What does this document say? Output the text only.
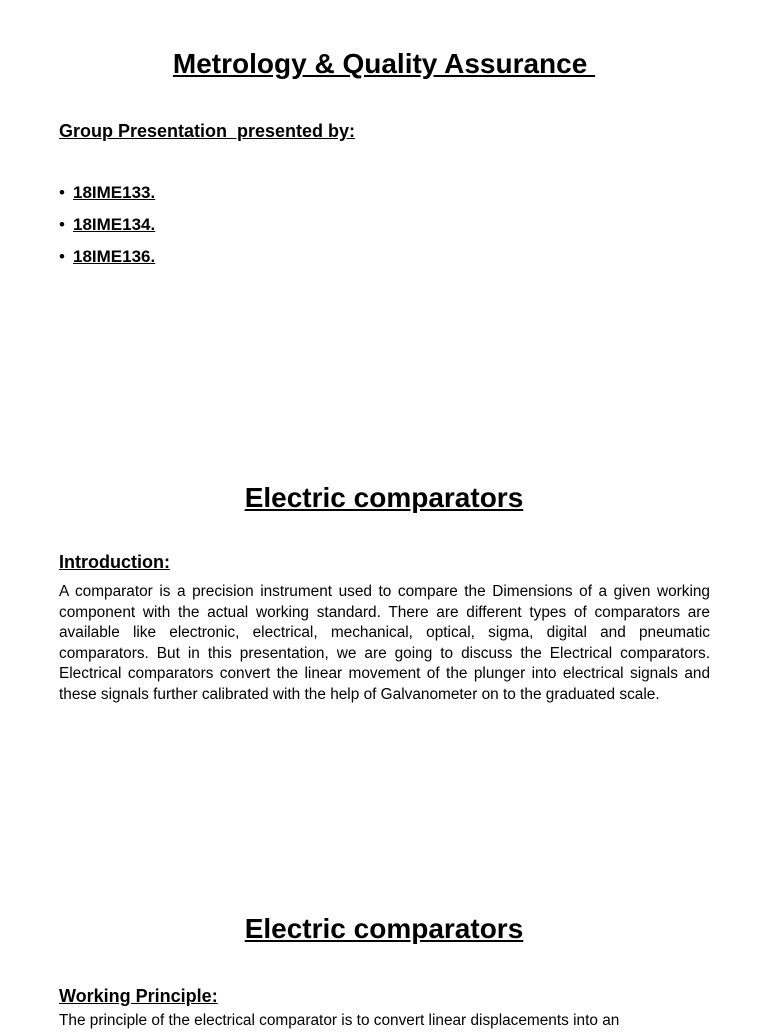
Metrology & Quality Assurance
Group Presentation  presented by:
• 18IME133.
• 18IME134.
• 18IME136.
Electric comparators
Introduction:

A comparator is a precision instrument used to compare the Dimensions of a given working component with the actual working standard. There are different types of comparators are available like electronic, electrical, mechanical, optical, sigma, digital and pneumatic comparators. But in this presentation, we are going to discuss the Electrical comparators. Electrical comparators convert the linear movement of the plunger into electrical signals and these signals further calibrated with the help of Galvanometer on to the graduated scale.

Electric comparators
Working Principle:
The principle of the electrical comparator is to convert linear displacements into an
